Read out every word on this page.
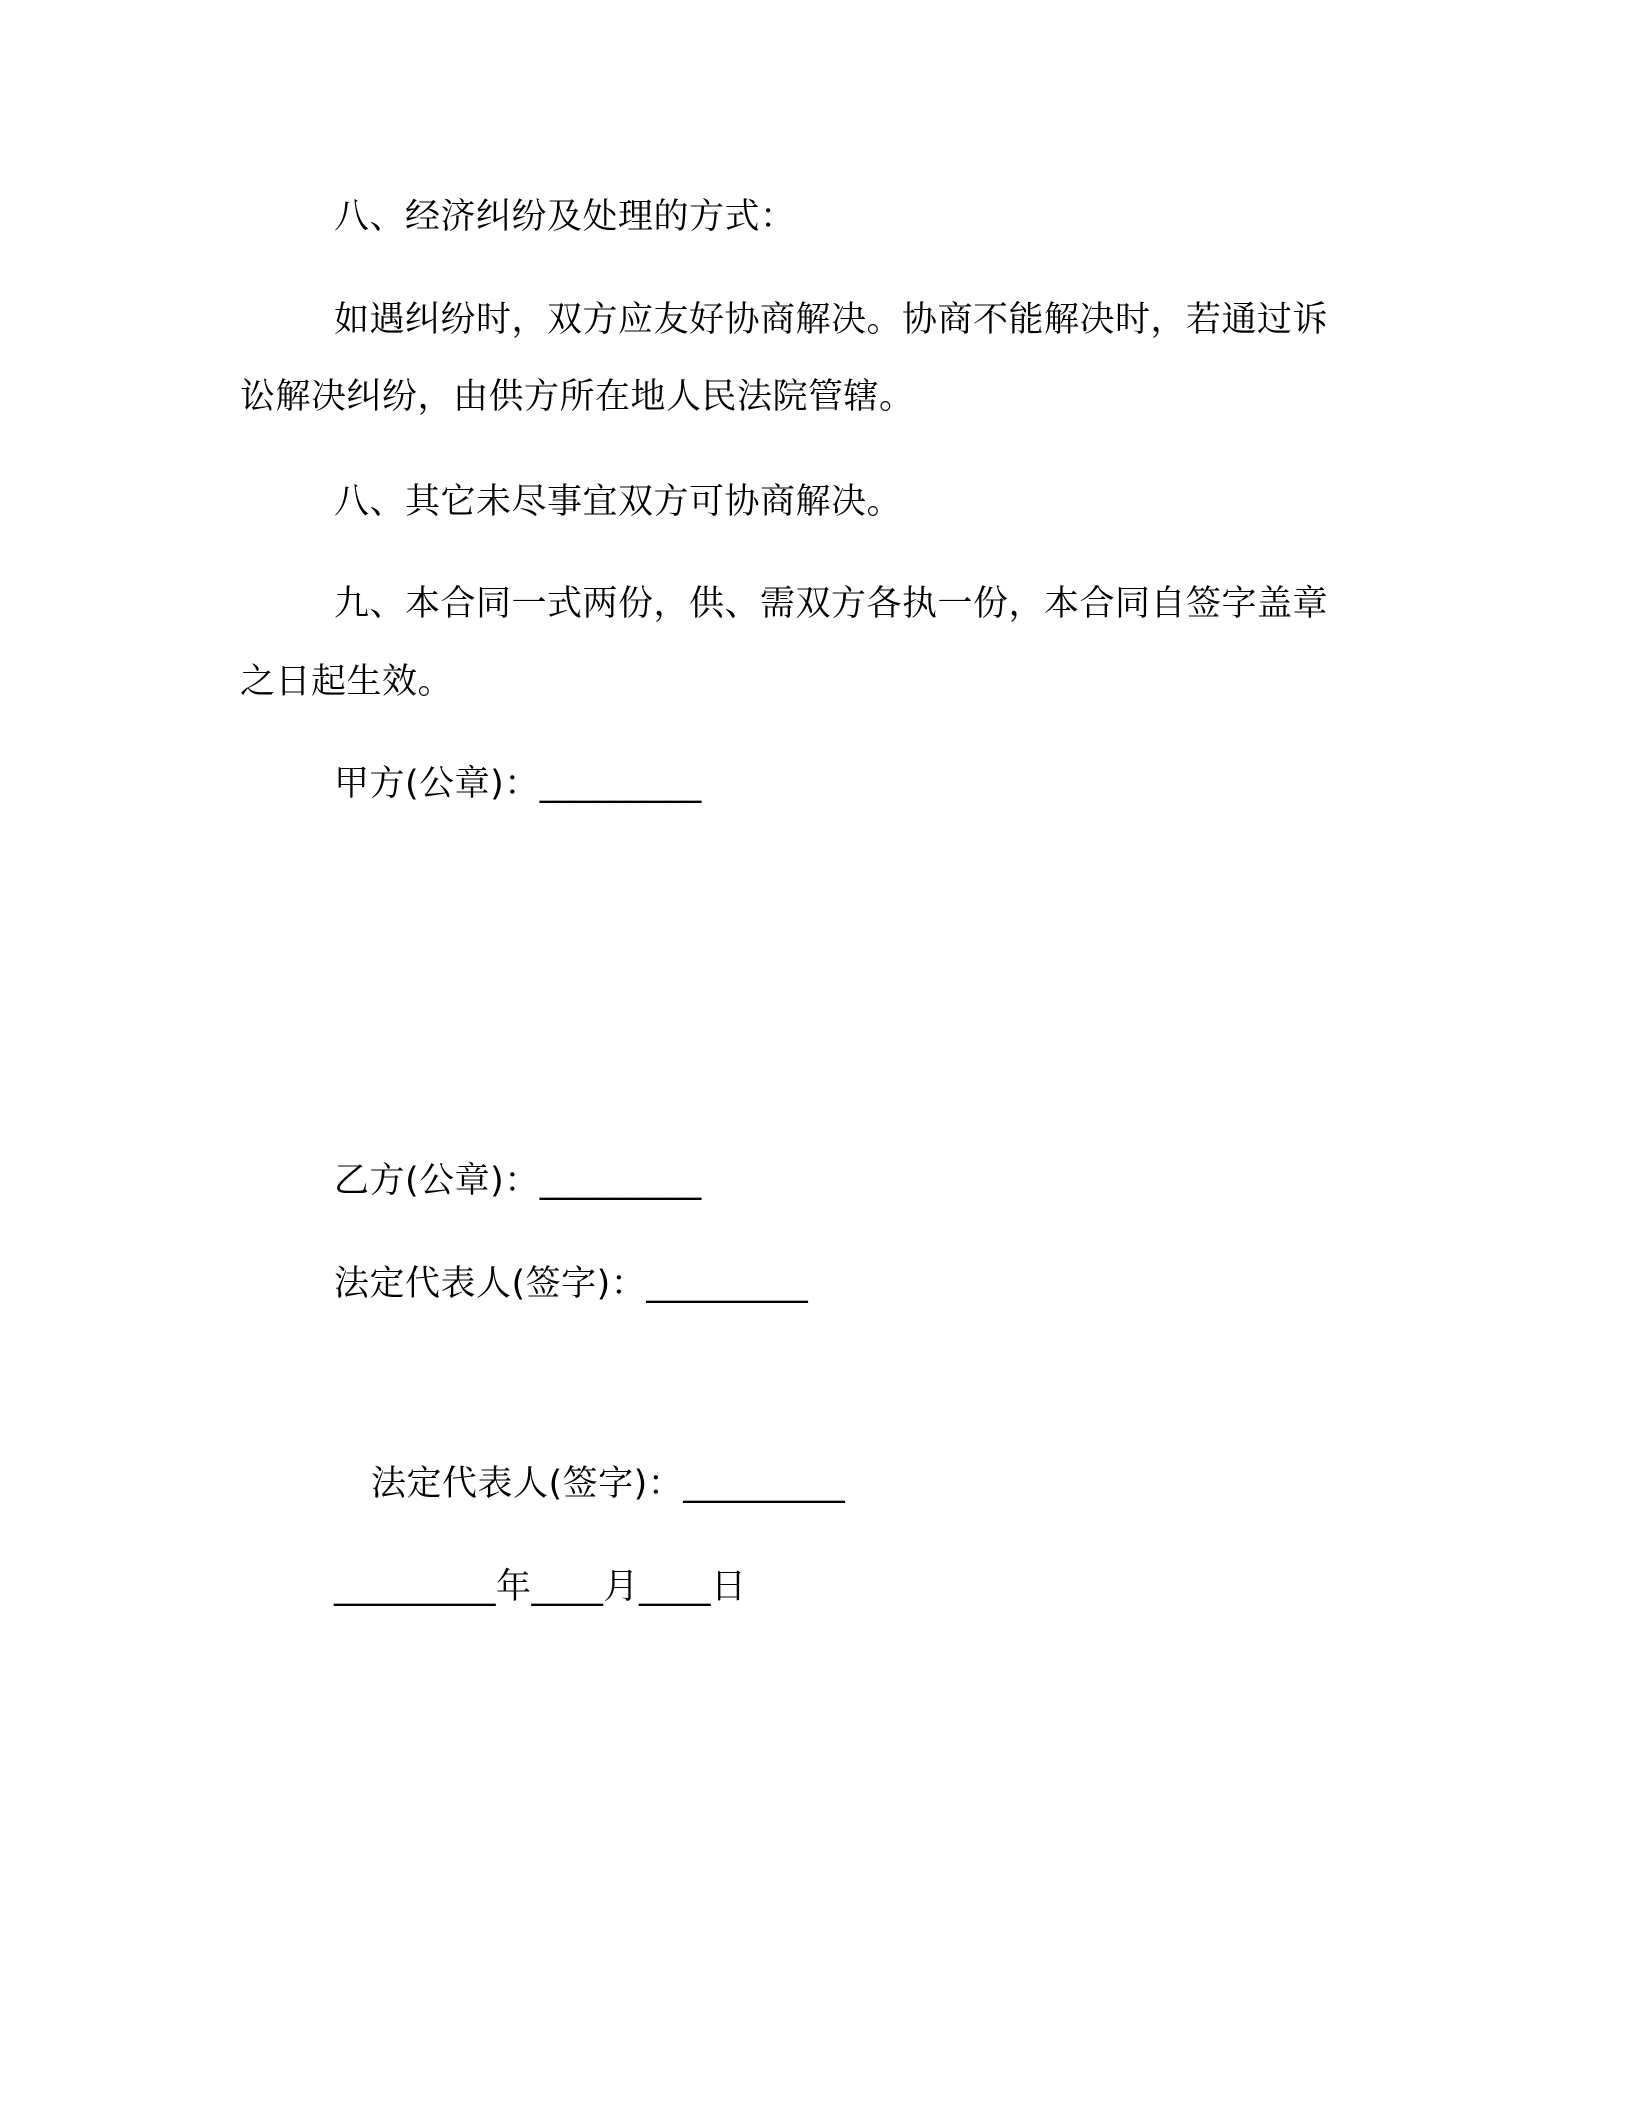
八、经济纠纷及处理的方式：
如遇纠纷时，双方应友好协商解决。协商不能解决时，若通过诉
讼解决纠纷，由供方所在地人民法院管辖。
八、其它未尽事宜双方可协商解决。
九、本合同一式两份，供、需双方各执一份，本合同自签字盖章
之日起生效。
甲方(公章)：_________
乙方(公章)：_________
法定代表人(签字)：_________
法定代表人(签字)：_________
_________年____月____日
